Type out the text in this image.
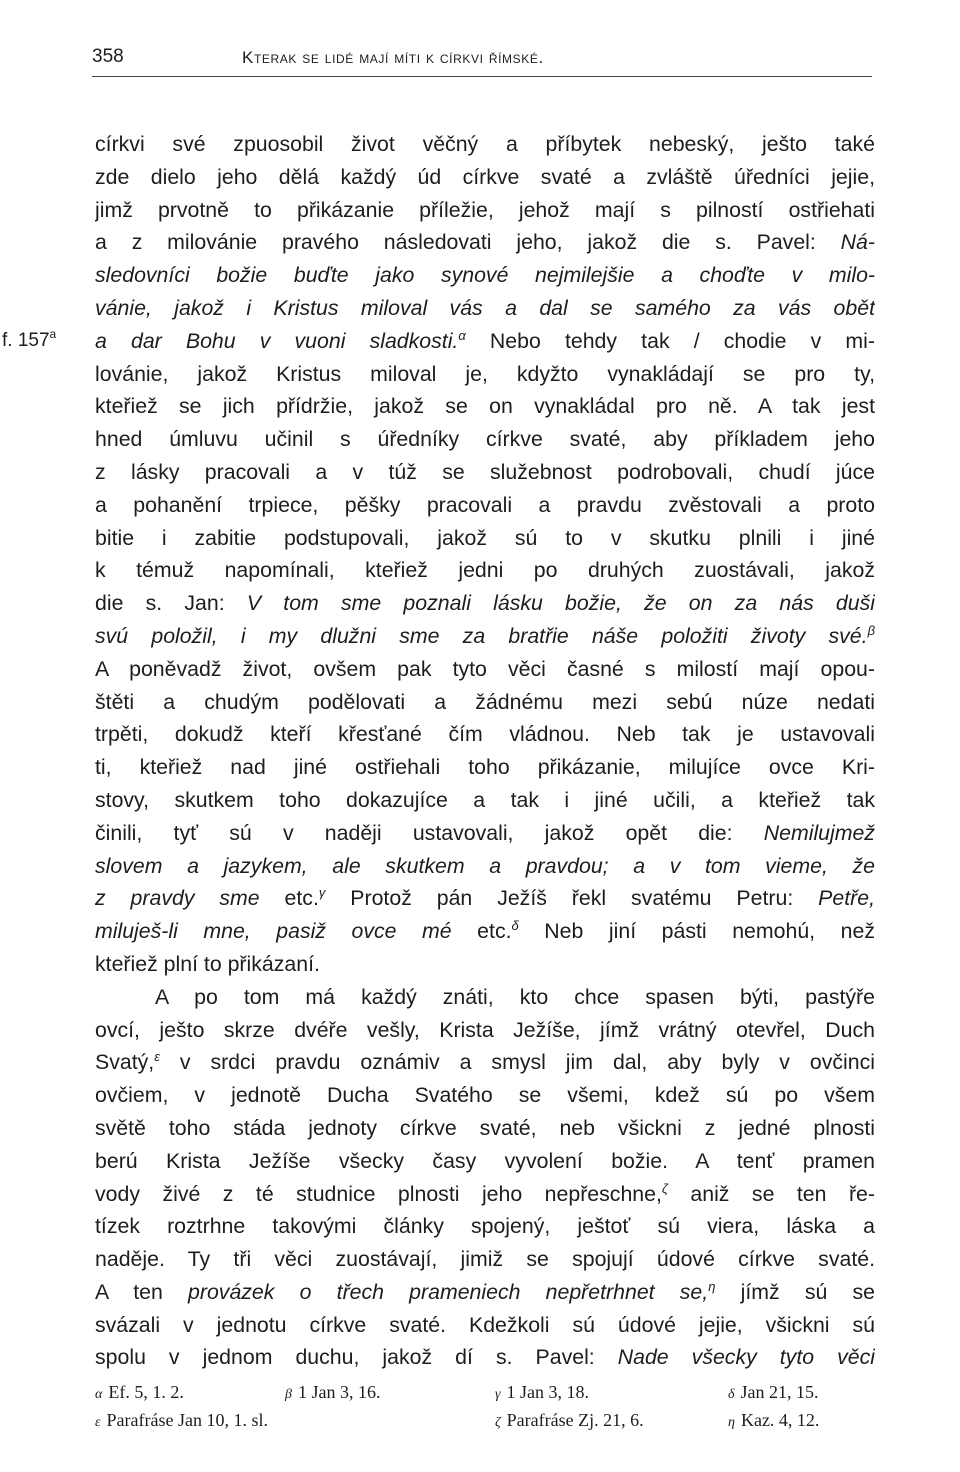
358	Kterak se lidé mají míti k církvi římské.
církvi své zpuosobil život věčný a příbytek nebeský, ješto také
zde dielo jeho dělá každý úd církve svaté a zvláště úředníci jejie,
jimž prvotně to přikázanie příležie, jehož mají s pilností ostřiehati
a z milovánie pravého následovati jeho, jakož die s. Pavel: Ná-
sledovníci božie buďte jako synové nejmilejšie a choďte v milo-
vánie, jakož i Kristus miloval vás a dal se samého za vás obět
a dar Bohu v vuoni sladkosti.$^\alpha$ Nebo tehdy tak / chodie v mi-
f. 157$^a$
lovánie, jakož Kristus miloval je, kdyžto vynakládají se pro ty,
kteřiež se jich přídržie, jakož se on vynakládal pro ně. A tak jest
hned úmluvu učinil s úředníky církve svaté, aby příkladem jeho
z lásky pracovali a v túž se služebnost podrobovali, chudí júce
a pohanění trpiece, pěšky pracovali a pravdu zvěstovali a proto
bitie i zabitie podstupovali, jakož sú to v skutku plnili i jiné
k témuž napomínali, kteřiež jedni po druhých zuostávali, jakož
die s. Jan: V tom sme poznali lásku božie, že on za nás duši
svú položil, i my dlužni sme za bratřie náše položiti životy své.$^\beta$
A poněvadž život, ovšem pak tyto věci časné s milostí mají opou-
štěti a chudým podělovati a žádnému mezi sebú núze nedati
trpěti, dokudž kteří křesťané čím vládnou. Neb tak je ustavovali
ti, kteřiež nad jiné ostřiehali toho přikázanie, milujíce ovce Kri-
stovy, skutkem toho dokazujíce a tak i jiné učili, a kteřiež tak
činili, tyť sú v naději ustavovali, jakož opět die: Nemilujmež
slovem a jazykem, ale skutkem a pravdou; a v tom vieme, že
z pravdy sme etc.$^\gamma$ Protož pán Ježíš řekl svatému Petru: Petře,
miluješ-li mne, pasiž ovce mé etc.$^\delta$ Neb jiní pásti nemohú, než
kteřiež plní to přikázaní.
A po tom má každý znáti, kto chce spasen býti, pastýře
ovcí, ješto skrze dvéře vešly, Krista Ježíše, jímž vrátný otevřel, Duch
Svatý,$^\varepsilon$ v srdci pravdu oznámiv a smysl jim dal, aby byly v ovčinci
ovčiem, v jednotě Ducha Svatého se všemi, kdež sú po všem
světě toho stáda jednoty církve svaté, neb všickni z jedné plnosti
berú Krista Ježíše všecky časy vyvolení božie. A tenť pramen
vody živé z té studnice plnosti jeho nepřeschne,$^\zeta$ aniž se ten ře-
tízek roztrhne takovými články spojený, ještoť sú viera, láska a
naděje. Ty tři věci zuostávají, jimiž se spojují údové církve svaté.
A ten provázek o třech prameniech nepřetrhnet se,$^\eta$ jímž sú se
svázali v jednotu církve svaté. Kdežkoli sú údové jejie, všickni sú
spolu v jednom duchu, jakož dí s. Pavel: Nade všecky tyto věci
α Ef. 5, 1. 2.	β 1 Jan 3, 16.	γ 1 Jan 3, 18.	δ Jan 21, 15.
ε Parafráse Jan 10, 1. sl.	ζ Parafráse Zj. 21, 6.	η Kaz. 4, 12.
